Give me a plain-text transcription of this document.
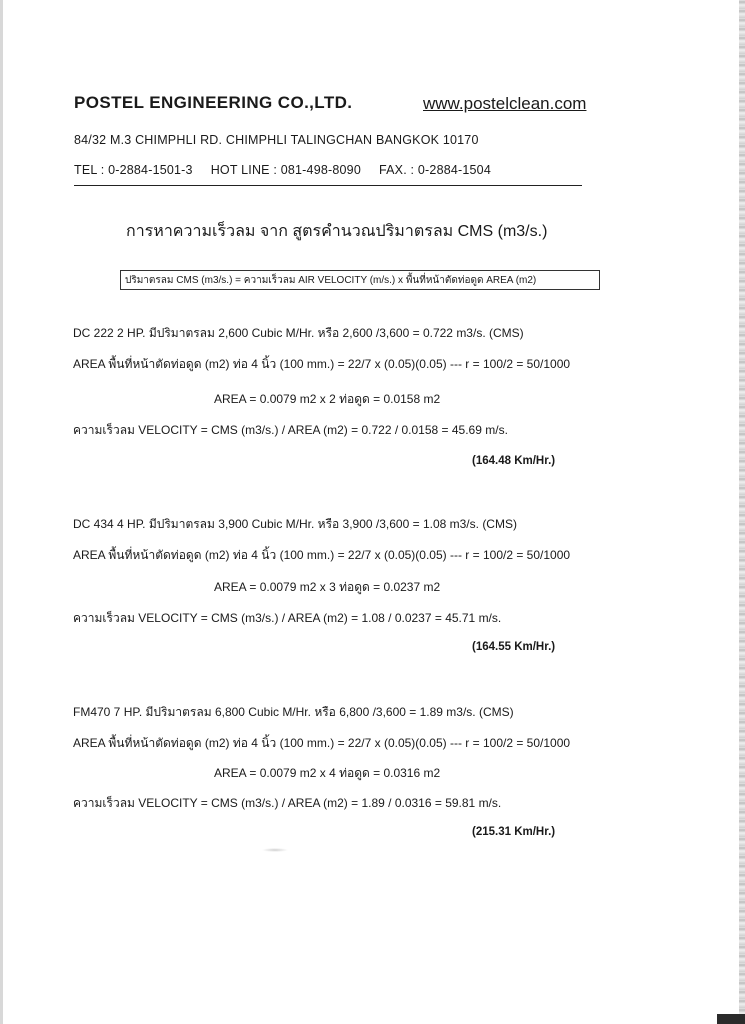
POSTEL ENGINEERING CO.,LTD.	www.postelclean.com
84/32 M.3 CHIMPHLI RD. CHIMPHLI TALINGCHAN BANGKOK 10170
TEL : 0-2884-1501-3 HOT LINE : 081-498-8090 FAX. : 0-2884-1504
การหาความเร็วลม จาก สูตรคำนวณปริมาตรลม CMS (m3/s.)
ปริมาตรลม CMS (m3/s.) = ความเร็วลม AIR VELOCITY (m/s.) x พื้นที่หน้าตัดท่อดูด AREA (m2)
DC 222 2 HP. มีปริมาตรลม 2,600 Cubic M/Hr. หรือ 2,600 /3,600 = 0.722 m3/s. (CMS)
AREA พื้นที่หน้าตัดท่อดูด (m2) ท่อ 4 นิ้ว (100 mm.) = 22/7 x (0.05)(0.05) --- r = 100/2 = 50/1000
AREA = 0.0079 m2 x 2 ท่อดูด = 0.0158 m2
ความเร็วลม VELOCITY = CMS (m3/s.) / AREA (m2) = 0.722 / 0.0158 = 45.69 m/s.
(164.48 Km/Hr.)
DC 434 4 HP. มีปริมาตรลม 3,900 Cubic M/Hr. หรือ 3,900 /3,600 = 1.08 m3/s. (CMS)
AREA พื้นที่หน้าตัดท่อดูด (m2) ท่อ 4 นิ้ว (100 mm.) = 22/7 x (0.05)(0.05) --- r = 100/2 = 50/1000
AREA = 0.0079 m2 x 3 ท่อดูด = 0.0237 m2
ความเร็วลม VELOCITY = CMS (m3/s.) / AREA (m2) = 1.08 / 0.0237 = 45.71 m/s.
(164.55 Km/Hr.)
FM470 7 HP. มีปริมาตรลม 6,800 Cubic M/Hr. หรือ 6,800 /3,600 = 1.89 m3/s. (CMS)
AREA พื้นที่หน้าตัดท่อดูด (m2) ท่อ 4 นิ้ว (100 mm.) = 22/7 x (0.05)(0.05) --- r = 100/2 = 50/1000
AREA = 0.0079 m2 x 4 ท่อดูด = 0.0316 m2
ความเร็วลม VELOCITY = CMS (m3/s.) / AREA (m2) = 1.89 / 0.0316 = 59.81 m/s.
(215.31 Km/Hr.)
